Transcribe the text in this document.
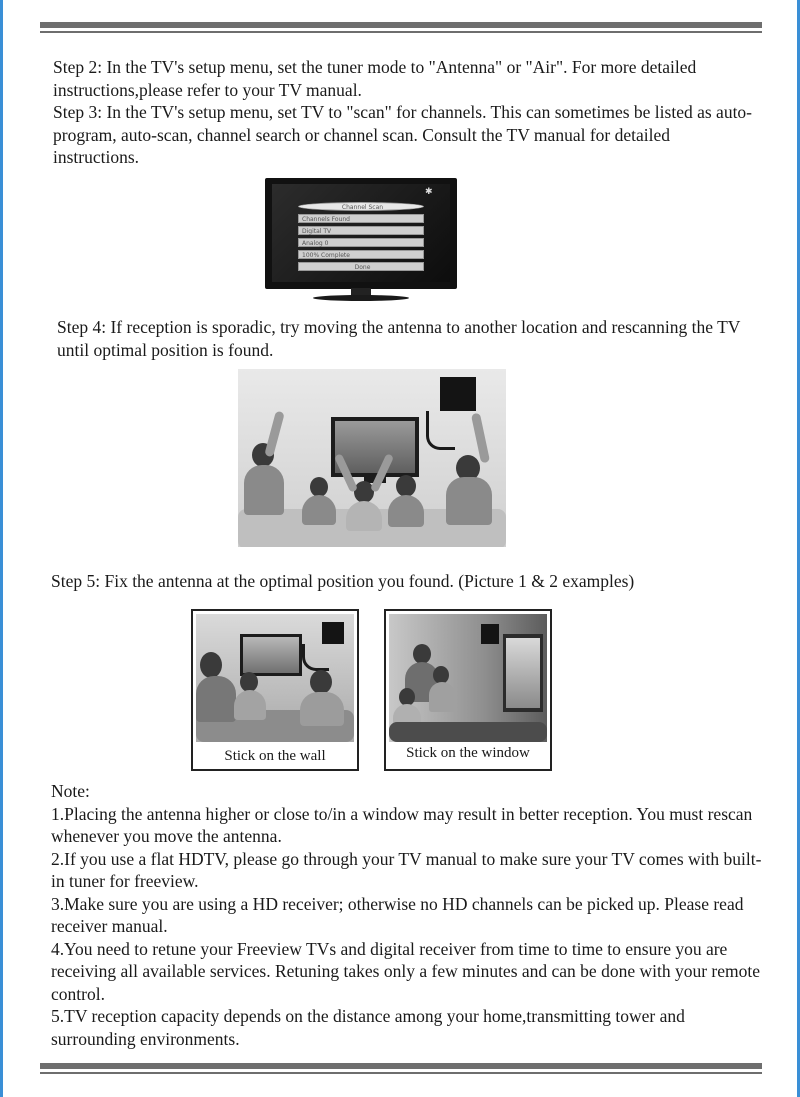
Step 2: In the TV's setup menu, set the tuner mode to "Antenna" or "Air". For more detailed instructions,please refer to your TV manual.

Step 3: In the TV's setup menu, set TV to "scan" for channels. This can sometimes be listed as auto-program, auto-scan, channel search or channel scan. Consult the TV manual for detailed instructions.

✱
Channel Scan
Channels Found
Digital TV
Analog 0
100% Complete
Done

Step 4: If reception is sporadic, try moving the antenna to another location and rescanning the TV until optimal position is found.

Step 5: Fix the antenna at the optimal position you found. (Picture 1 & 2 examples)

Stick on the wall	Stick on the window

Note:

1.Placing the antenna higher or close to/in a window may result in better reception. You must rescan whenever you move the antenna.

2.If you use a flat HDTV, please go through your TV manual to make sure your TV comes with built-in tuner for freeview.

3.Make sure you are using a HD receiver; otherwise no HD channels can be picked up. Please read receiver manual.

4.You need to retune your Freeview TVs and digital receiver from time to time to ensure you are receiving all available services. Retuning takes only a few minutes and can be done with your remote control.

5.TV reception capacity depends on the distance among your home,transmitting tower and surrounding environments.
